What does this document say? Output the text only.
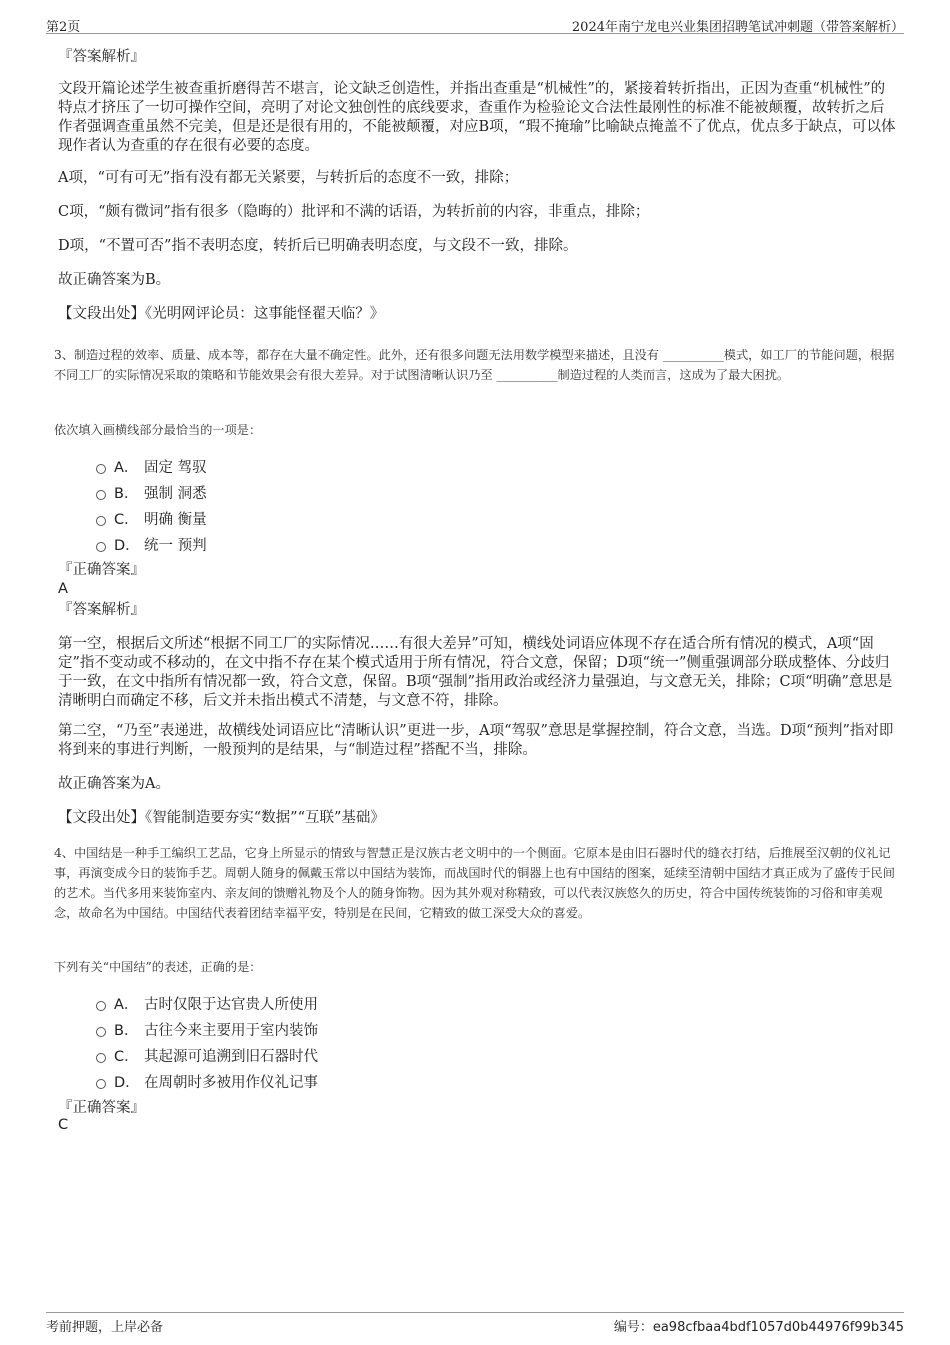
第2页	2024年南宁龙电兴业集团招聘笔试冲刺题（带答案解析）
『答案解析』
文段开篇论述学生被查重折磨得苦不堪言，论文缺乏创造性，并指出查重是“机械性”的，紧接着转折指出，正因为查重“机械性”的特点才挤压了一切可操作空间，亮明了对论文独创性的底线要求，查重作为检验论文合法性最刚性的标准不能被颠覆，故转折之后作者强调查重虽然不完美，但是还是很有用的，不能被颠覆，对应B项，“瑕不掩瑜”比喻缺点掩盖不了优点，优点多于缺点，可以体现作者认为查重的存在很有必要的态度。
A项，“可有可无”指有没有都无关紧要，与转折后的态度不一致，排除；
C项，“颇有微词”指有很多（隐晦的）批评和不满的话语，为转折前的内容，非重点，排除；
D项，“不置可否”指不表明态度，转折后已明确表明态度，与文段不一致，排除。
故正确答案为B。
【文段出处】《光明网评论员：这事能怪翟天临？》
3、制造过程的效率、质量、成本等，都存在大量不确定性。此外，还有很多问题无法用数学模型来描述，且没有 __________模式，如工厂的节能问题，根据不同工厂的实际情况采取的策略和节能效果会有很大差异。对于试图清晰认识乃至 __________制造过程的人类而言，这成为了最大困扰。
依次填入画横线部分最恰当的一项是：
A． 固定 驾驭
B． 强制 洞悉
C． 明确 衡量
D． 统一 预判
『正确答案』
A
『答案解析』
第一空，根据后文所述“根据不同工厂的实际情况……有很大差异”可知，横线处词语应体现不存在适合所有情况的模式，A项“固定”指不变动或不移动的，在文中指不存在某个模式适用于所有情况，符合文意，保留；D项“统一”侧重强调部分联成整体、分歧归于一致，在文中指所有情况都一致，符合文意，保留。B项“强制”指用政治或经济力量强迫，与文意无关，排除；C项“明确”意思是清晰明白而确定不移，后文并未指出模式不清楚，与文意不符，排除。
第二空，“乃至”表递进，故横线处词语应比“清晰认识”更进一步，A项“驾驭”意思是掌握控制，符合文意，当选。D项“预判”指对即将到来的事进行判断，一般预判的是结果，与“制造过程”搭配不当，排除。
故正确答案为A。
【文段出处】《智能制造要夯实“数据”“互联”基础》
4、中国结是一种手工编织工艺品，它身上所显示的情致与智慧正是汉族古老文明中的一个侧面。它原本是由旧石器时代的缝衣打结，后推展至汉朝的仪礼记事，再演变成今日的装饰手艺。周朝人随身的佩戴玉常以中国结为装饰，而战国时代的铜器上也有中国结的图案，延续至清朝中国结才真正成为了盛传于民间的艺术。当代多用来装饰室内、亲友间的馈赠礼物及个人的随身饰物。因为其外观对称精致，可以代表汉族悠久的历史，符合中国传统装饰的习俗和审美观念，故命名为中国结。中国结代表着团结幸福平安，特别是在民间，它精致的做工深受大众的喜爱。
下列有关“中国结”的表述，正确的是：
A． 古时仅限于达官贵人所使用
B． 古往今来主要用于室内装饰
C． 其起源可追溯到旧石器时代
D． 在周朝时多被用作仪礼记事
『正确答案』
C
考前押题，上岸必备	编号：ea98cfbaa4bdf1057d0b44976f99b345
